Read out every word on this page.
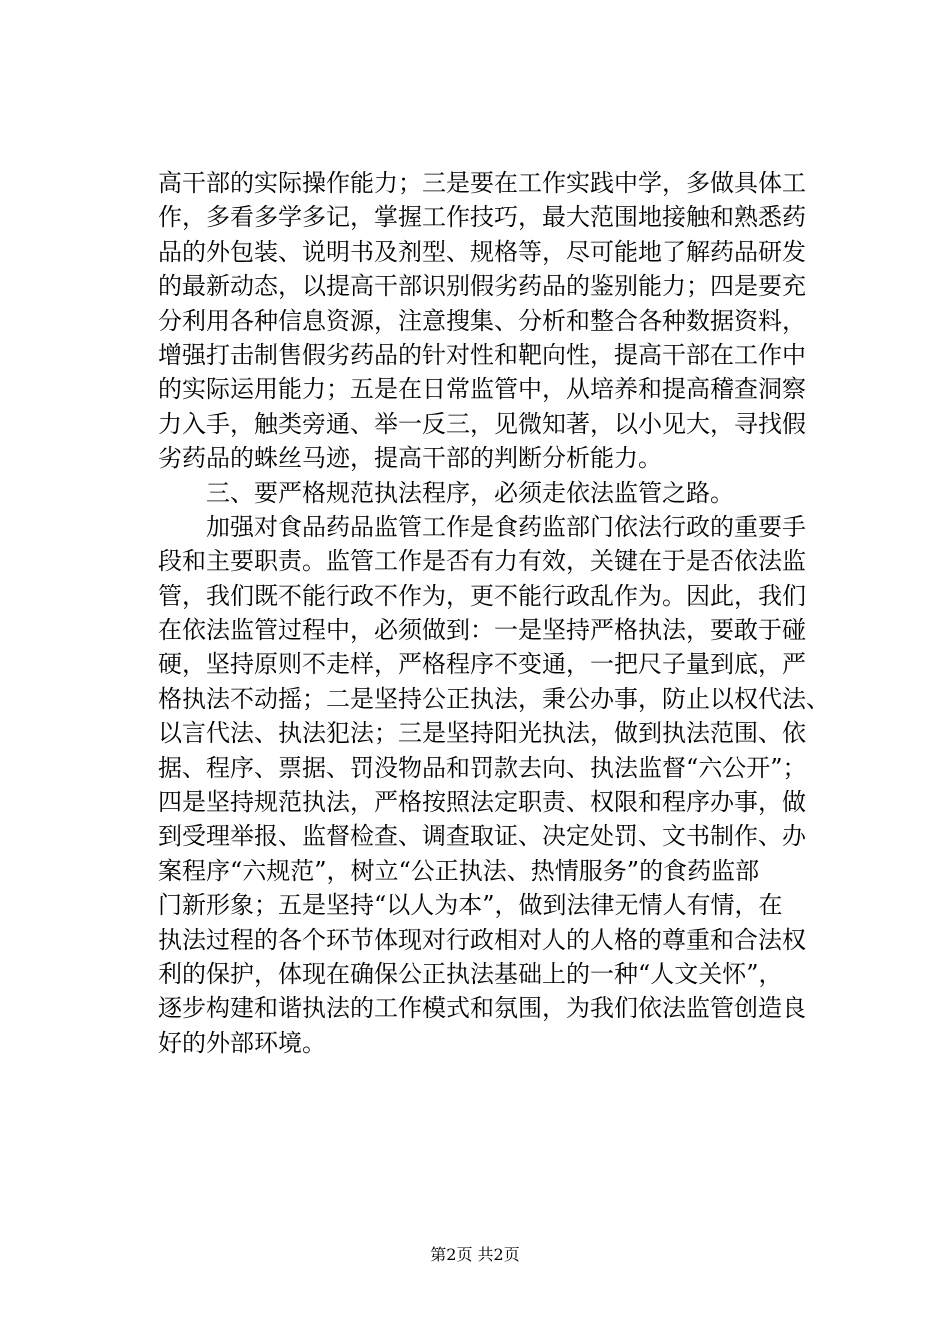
高干部的实际操作能力；三是要在工作实践中学，多做具体工
作，多看多学多记，掌握工作技巧，最大范围地接触和熟悉药
品的外包装、说明书及剂型、规格等，尽可能地了解药品研发
的最新动态，以提高干部识别假劣药品的鉴别能力；四是要充
分利用各种信息资源，注意搜集、分析和整合各种数据资料，
增强打击制售假劣药品的针对性和靶向性，提高干部在工作中
的实际运用能力；五是在日常监管中，从培养和提高稽查洞察
力入手，触类旁通、举一反三，见微知著，以小见大，寻找假
劣药品的蛛丝马迹，提高干部的判断分析能力。
三、要严格规范执法程序，必须走依法监管之路。
加强对食品药品监管工作是食药监部门依法行政的重要手
段和主要职责。监管工作是否有力有效，关键在于是否依法监
管，我们既不能行政不作为，更不能行政乱作为。因此，我们
在依法监管过程中，必须做到：一是坚持严格执法，要敢于碰
硬，坚持原则不走样，严格程序不变通，一把尺子量到底，严
格执法不动摇；二是坚持公正执法，秉公办事，防止以权代法、
以言代法、执法犯法；三是坚持阳光执法，做到执法范围、依
据、程序、票据、罚没物品和罚款去向、执法监督“六公开”；
四是坚持规范执法，严格按照法定职责、权限和程序办事，做
到受理举报、监督检查、调查取证、决定处罚、文书制作、办
案程序“六规范”，树立“公正执法、热情服务”的食药监部
门新形象；五是坚持“以人为本”，做到法律无情人有情，在
执法过程的各个环节体现对行政相对人的人格的尊重和合法权
利的保护，体现在确保公正执法基础上的一种“人文关怀”，
逐步构建和谐执法的工作模式和氛围，为我们依法监管创造良
好的外部环境。
第2页 共2页
